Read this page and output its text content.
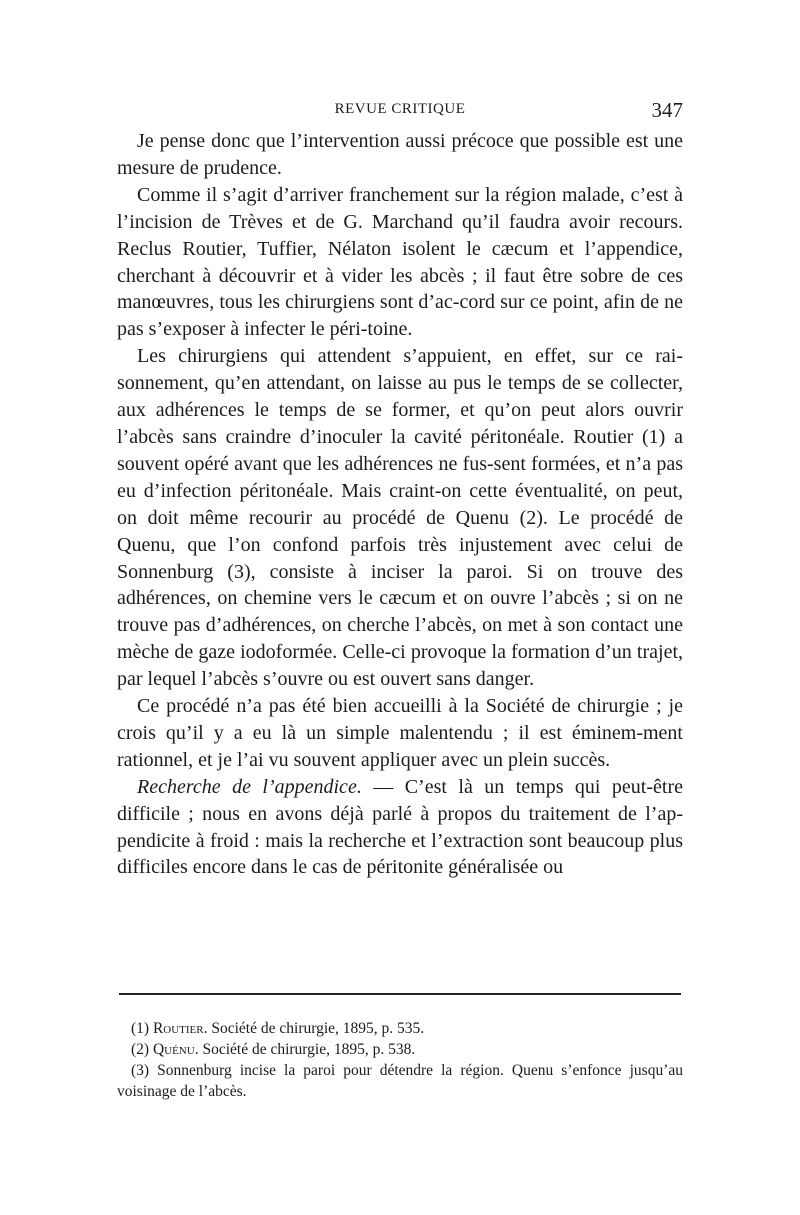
REVUE CRITIQUE	347

Je pense donc que l’intervention aussi précoce que possible est une mesure de prudence.

Comme il s’agit d’arriver franchement sur la région malade, c’est à l’incision de Trèves et de G. Marchand qu’il faudra avoir recours. Reclus Routier, Tuffier, Nélaton isolent le cæcum et l’appendice, cherchant à découvrir et à vider les abcès ; il faut être sobre de ces manœuvres, tous les chirurgiens sont d’ac-cord sur ce point, afin de ne pas s’exposer à infecter le péri-toine.

Les chirurgiens qui attendent s’appuient, en effet, sur ce rai-sonnement, qu’en attendant, on laisse au pus le temps de se collecter, aux adhérences le temps de se former, et qu’on peut alors ouvrir l’abcès sans craindre d’inoculer la cavité péritonéale. Routier (1) a souvent opéré avant que les adhérences ne fus-sent formées, et n’a pas eu d’infection péritonéale. Mais craint-on cette éventualité, on peut, on doit même recourir au procédé de Quenu (2). Le procédé de Quenu, que l’on confond parfois très injustement avec celui de Sonnenburg (3), consiste à inciser la paroi. Si on trouve des adhérences, on chemine vers le cæcum et on ouvre l’abcès ; si on ne trouve pas d’adhérences, on cherche l’abcès, on met à son contact une mèche de gaze iodoformée. Celle-ci provoque la formation d’un trajet, par lequel l’abcès s’ouvre ou est ouvert sans danger.

Ce procédé n’a pas été bien accueilli à la Société de chirurgie ; je crois qu’il y a eu là un simple malentendu ; il est éminem-ment rationnel, et je l’ai vu souvent appliquer avec un plein succès.

Recherche de l’appendice. — C’est là un temps qui peut-être difficile ; nous en avons déjà parlé à propos du traitement de l’ap-pendicite à froid : mais la recherche et l’extraction sont beaucoup plus difficiles encore dans le cas de péritonite généralisée ou

(1) Routier. Société de chirurgie, 1895, p. 535.

(2) Quénu. Société de chirurgie, 1895, p. 538.

(3) Sonnenburg incise la paroi pour détendre la région. Quenu s’enfonce jusqu’au voisinage de l’abcès.
